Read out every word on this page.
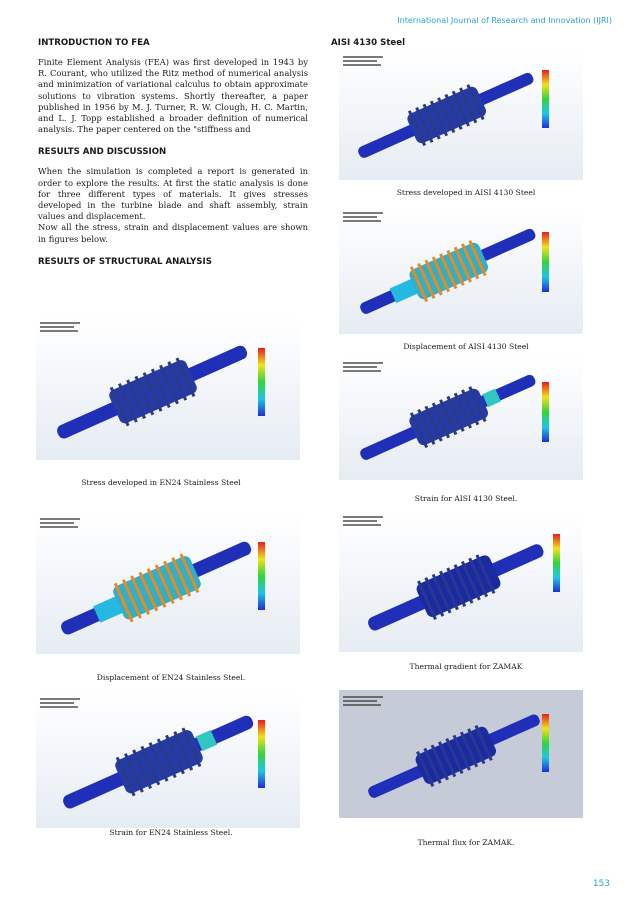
International Journal of Research and Innovation (IJRI)

INTRODUCTION TO FEA

Finite Element Analysis (FEA) was first developed in 1943 by R. Courant, who utilized the Ritz method of numerical analysis and minimization of variational calculus to obtain approximate solutions to vibration systems. Shortly thereafter, a paper published in 1956 by M. J. Turner, R. W. Clough, H. C. Martin, and L. J. Topp established a broader definition of numerical analysis. The paper centered on the "stiffness and

RESULTS AND DISCUSSION

When the simulation is completed a report is generated in order to explore the results. At first the static analysis is done for three different types of materials. It gives stresses developed in the turbine blade and shaft assembly, strain values and displacement.

Now all the stress, strain and displacement values are shown in figures below.

RESULTS OF STRUCTURAL ANALYSIS

AISI 4130 Steel
Stress developed in AISI 4130 Steel
Displacement of AISI 4130 Steel
Strain for AISI 4130 Steel.
Thermal gradient for ZAMAK
Thermal flux for ZAMAK.
Stress developed in EN24 Stainless Steel
Displacement of EN24 Stainless Steel.
Strain for EN24 Stainless Steel.
153
